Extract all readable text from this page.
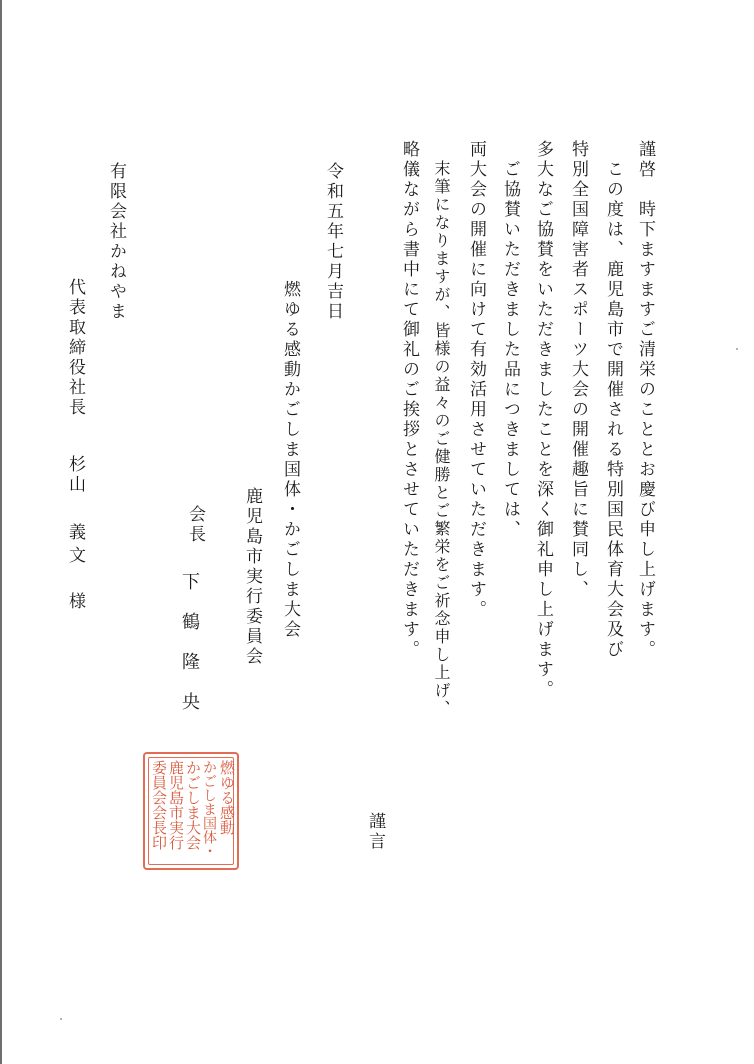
謹啓　時下ますますご清栄のこととお慶び申し上げます。
この度は、鹿児島市で開催される特別国民体育大会及び
特別全国障害者スポーツ大会の開催趣旨に賛同し、
多大なご協賛をいただきましたことを深く御礼申し上げます。
ご協賛いただきました品につきましては、
両大会の開催に向けて有効活用させていただきます。
末筆になりますが、皆様の益々のご健勝とご繁栄をご祈念申し上げ、
略儀ながら書中にて御礼のご挨拶とさせていただきます。
謹言
令和五年七月吉日
燃ゆる感動かごしま国体・かごしま大会
鹿児島市実行委員会
会長
下鶴隆央
燃ゆる感動
かごしま国体・
かごしま大会
鹿児島市実行
委員会会長印
有限会社かねやま
代表取締役社長
杉山
義文
様
